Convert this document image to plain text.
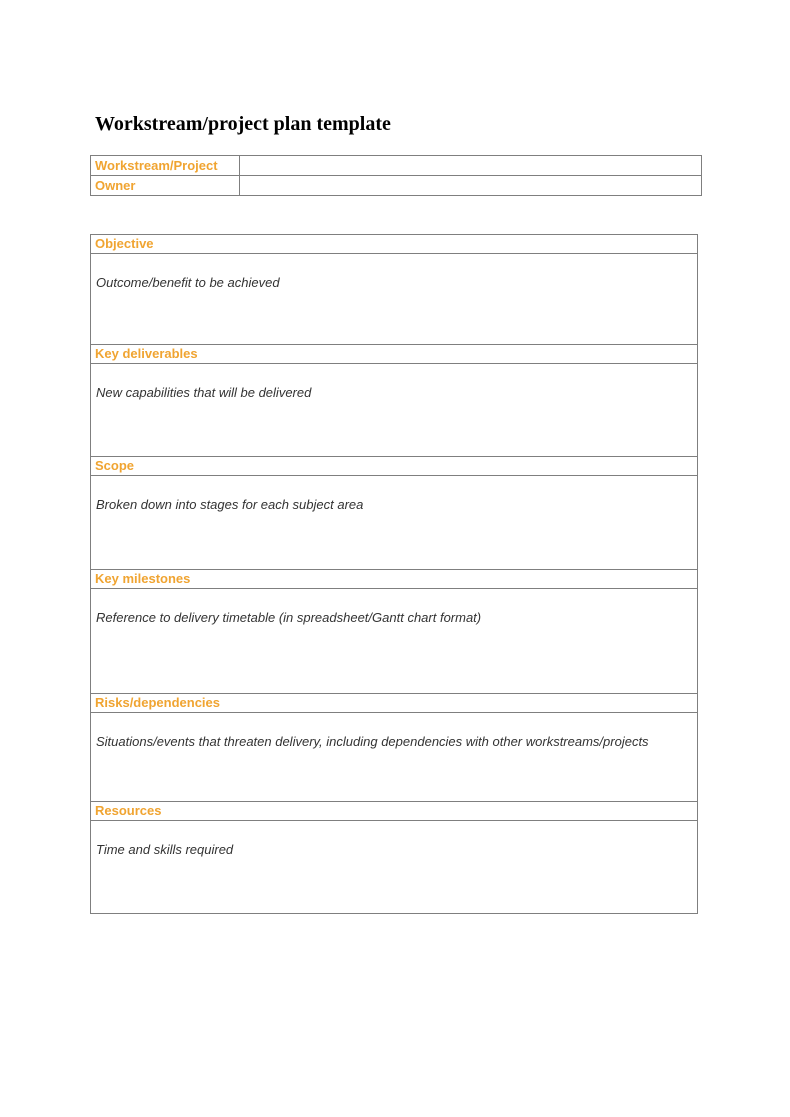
Workstream/project plan template
Workstream/Project	
Owner	
Objective
Outcome/benefit to be achieved
Key deliverables
New capabilities that will be delivered
Scope
Broken down into stages for each subject area
Key milestones
Reference to delivery timetable (in spreadsheet/Gantt chart format)
Risks/dependencies
Situations/events that threaten delivery, including dependencies with other workstreams/projects
Resources
Time and skills required
